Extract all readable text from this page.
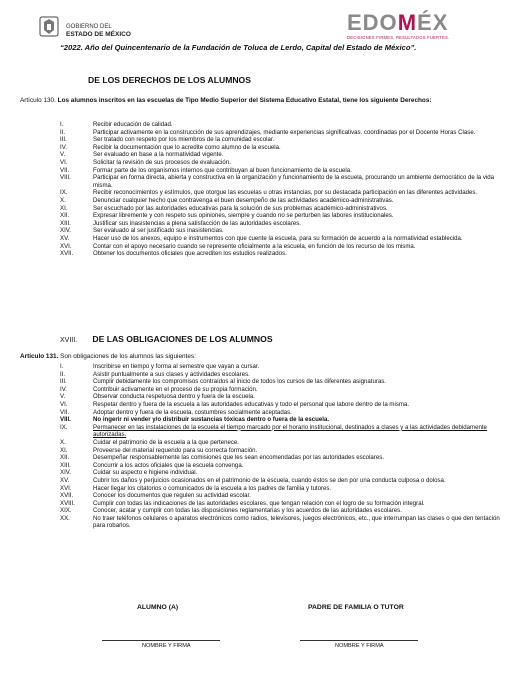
GOBIERNO DEL
ESTADO DE MÉXICO	EDOMÉX
DECISIONES FIRMES, RESULTADOS FUERTES.
“2022. Año del Quincentenario de la Fundación de Toluca de Lerdo, Capital del Estado de México”.
DE LOS DERECHOS DE LOS ALUMNOS
Artículo 130. Los alumnos inscritos en las escuelas de Tipo Medio Superior del Sistema Educativo Estatal, tiene los siguiente Derechos:
I.	Recibir educación de calidad.
II.	Participar activamente en la construcción de sus aprendizajes, mediante experiencias significativas. coordinadas por el Docente Horas Clase.
III.	Ser tratado con respeto por los miembros de la comunidad escolar.
IV.	Recibir la documentación que lo acredite como alumno de la escuela.
V.	Ser evaluado en base a la normatividad vigente.
VI.	Solicitar la revisión de sus procesos de evaluación.
VII.	Formar parte de los organismos internos que contribuyan al buen funcionamiento de la escuela.
VIII.	Participar en forma directa, abierta y constructiva en la organización y funcionamiento de la escuela, procurando un ambiente democrático de la vida misma.
IX.	Recibir reconocimientos y estímulos, que otorgue las escuelas u otras instancias, por su destacada participación en las diferentes actividades.
X.	Denunciar cualquier hecho que contravenga el buen desempeño de las actividades académico-administrativas.
XI.	Ser escuchado por las autoridades educativas para la solución de sus problemas académico-administrativos.
XII.	Expresar libremente y con respeto sus opiniones, siempre y cuando no se perturben las labores institucionales.
XIII.	Justificar sus inasistencias a plena satisfacción de las autoridades escolares.
XIV.	Ser evaluado al ser justificado sus inasistencias.
XV.	Hacer uso de los anexos, equipo e instrumentos con que cuente la escuela, para su formación de acuerdo a la normatividad establecida.
XVI.	Contar con el apoyo necesario cuando se represente oficialmente a la escuela, en función de los recurso de los misma.
XVII.	Obtener los documentos oficiales que acrediten los estudios realizados.
XVIII. DE LAS OBLIGACIONES DE LOS ALUMNOS
Artículo 131. Son obligaciones de los alumnos las siguientes:
I.	Inscribirse en tiempo y forma al semestre que vayan a cursar.
II.	Asistir puntualmente a sus clases y actividades escolares.
III.	Cumplir debidamente los compromisos contraídos al inicio de todos los cursos de las diferentes asignaturas.
IV.	Contribuir activamente en el proceso de su propia formación.
V.	Observar conducta respetuosa dentro y fuera de la escuela.
VI.	Respetar dentro y fuera de la escuela a las autoridades educativas y todo el personal que labore dentro de la misma.
VII.	Adoptar dentro y fuera de la escuela, costumbres socialmente aceptadas.
VIII.	No ingerir ni vender y/o distribuir sustancias tóxicas dentro o fuera de la escuela.
IX.	Permanecer en las instalaciones de la escuela el tiempo marcado por el horario institucional, destinados a clases y a las actividades debidamente autorizadas.
X.	Cuidar el patrimonio de la escuela a la que pertenece.
XI.	Proveerse del material requerido para su correcta formación.
XII.	Desempeñar responsablemente las comisiones que les sean encomendadas por las autoridades escolares.
XIII.	Concurrir a los actos oficiales que la escuela convenga.
XIV.	Cuidar su aspecto e higiene individual.
XV.	Cubrir los daños y perjuicios ocasionados en el patrimonio de la escuela, cuando éstos se den por una conducta culposa o dolosa.
XVI.	Hacer llegar los citatorios o comunicados de la escuela a los padres de familia y tutores.
XVII.	Conocer los documentos que regulen su actividad escolar.
XVIII.	Cumplir con todas las indicaciones de las autoridades escolares, que tengan relación con el logro de su formación integral.
XIX.	Conocer, acatar y cumplir con todas las disposiciones reglamentarias y los acuerdos de las autoridades escolares.
XX.	No traer teléfonos celulares o aparatos electrónicos como radios, televisores, juegos electrónicos, etc., que interrumpan las clases o que den tentación para robarlos.
ALUMNO (A)	PADRE DE FAMILIA O TUTOR
NOMBRE Y FIRMA	NOMBRE Y FIRMA
